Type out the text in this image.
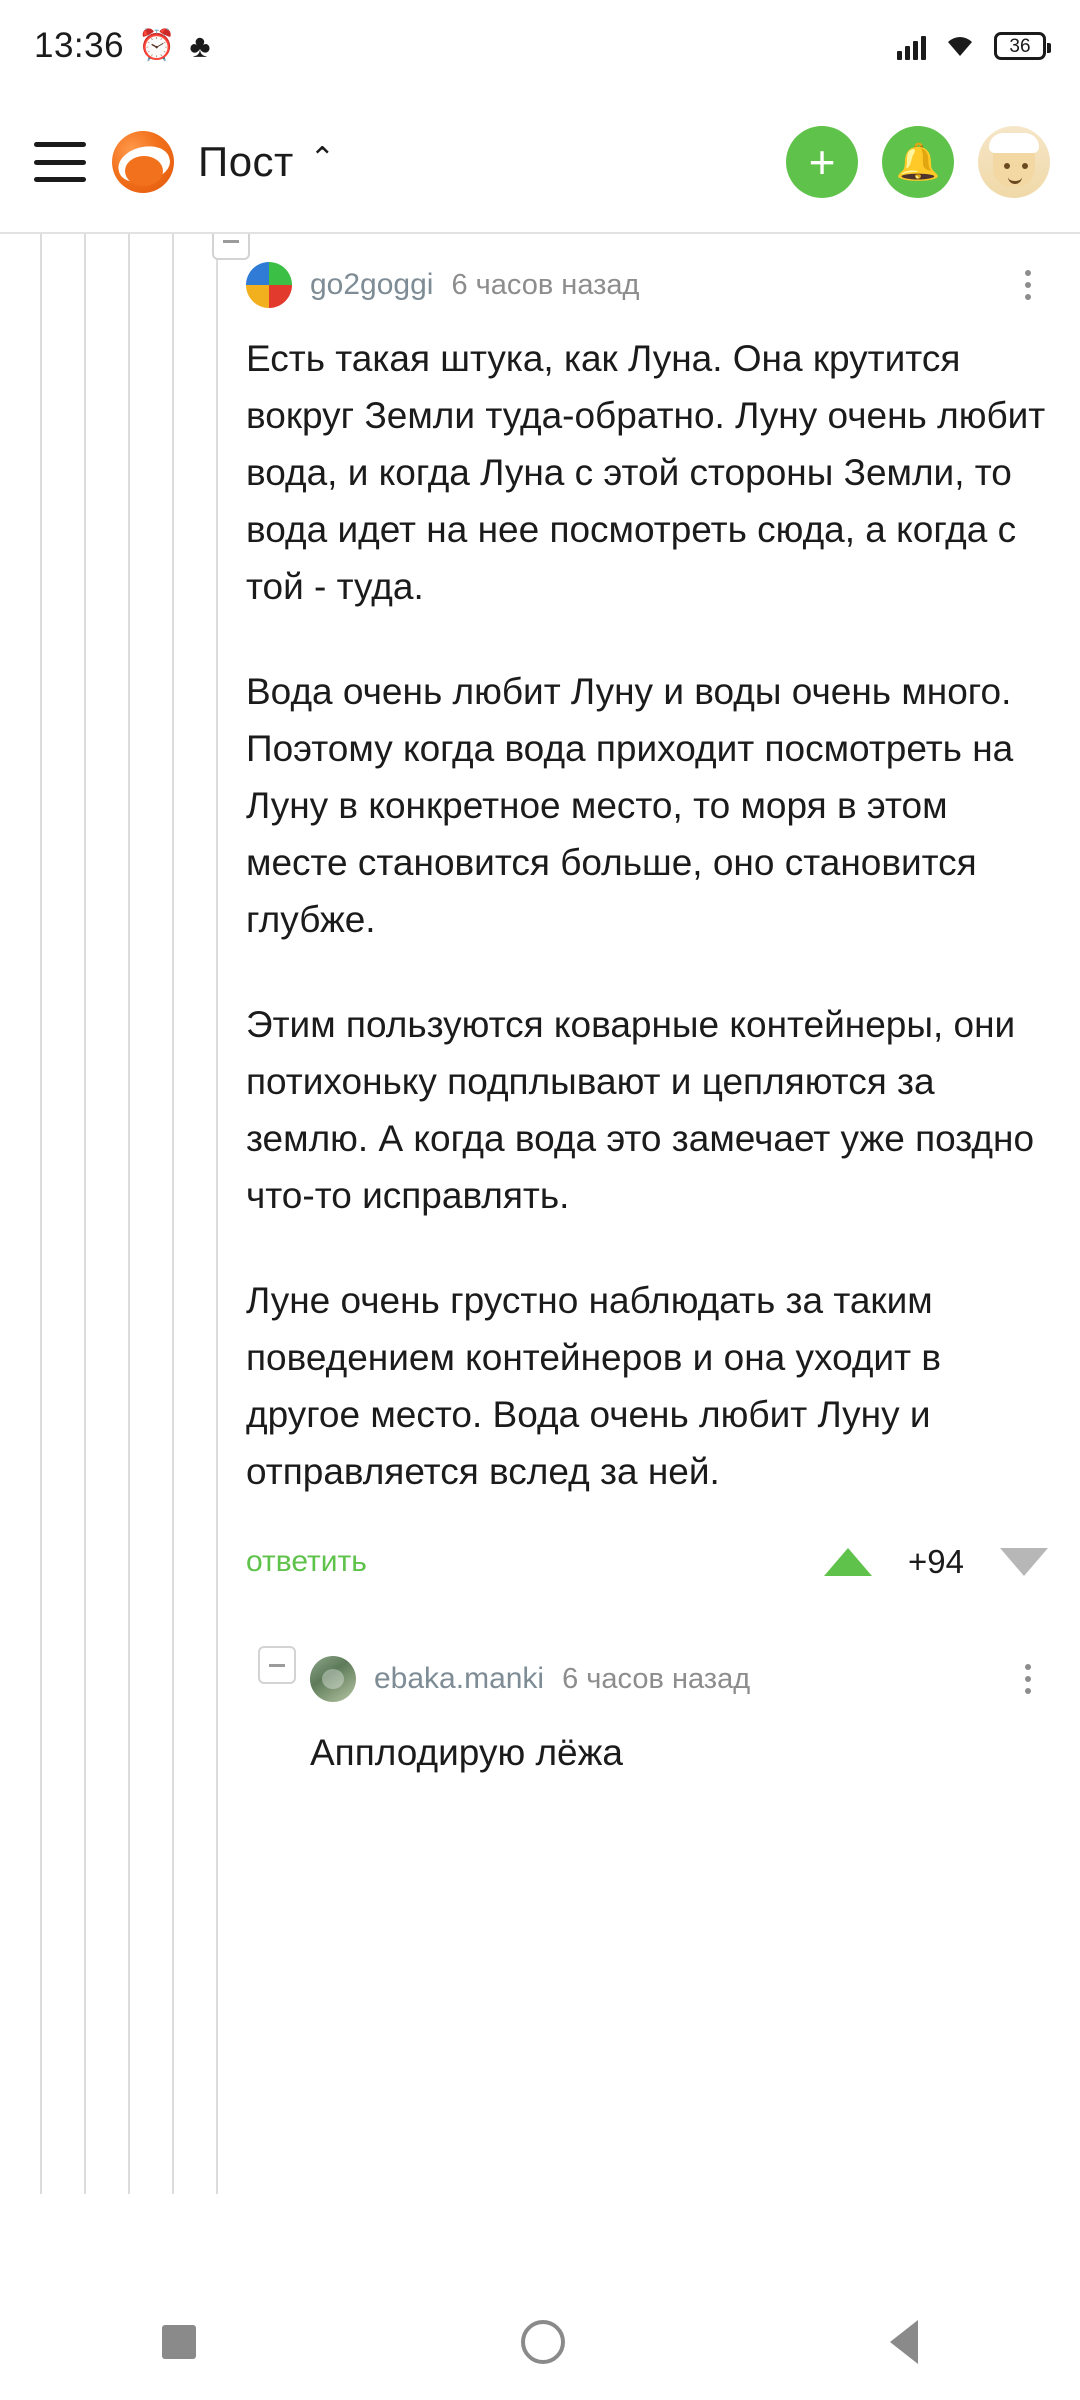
13:36 ⏰ ♣	36
Пост ⌃	+ 🔔
go2goggi 6 часов назад

Есть такая штука, как Луна. Она крутится вокруг Земли туда-обратно. Луну очень любит вода, и когда Луна с этой стороны Земли, то вода идет на нее посмотреть сюда, а когда с той - туда.

Вода очень любит Луну и воды очень много. Поэтому когда вода приходит посмотреть на Луну в конкретное место, то моря в этом месте становится больше, оно становится глубже.

Этим пользуются коварные контейнеры, они потихоньку подплывают и цепляются за землю. А когда вода это замечает уже поздно что-то исправлять.

Луне очень грустно наблюдать за таким поведением контейнеров и она уходит в другое место. Вода очень любит Луну и отправляется вслед за ней.

ответить	+94
ebaka.manki 6 часов назад

Апплодирую лёжа
